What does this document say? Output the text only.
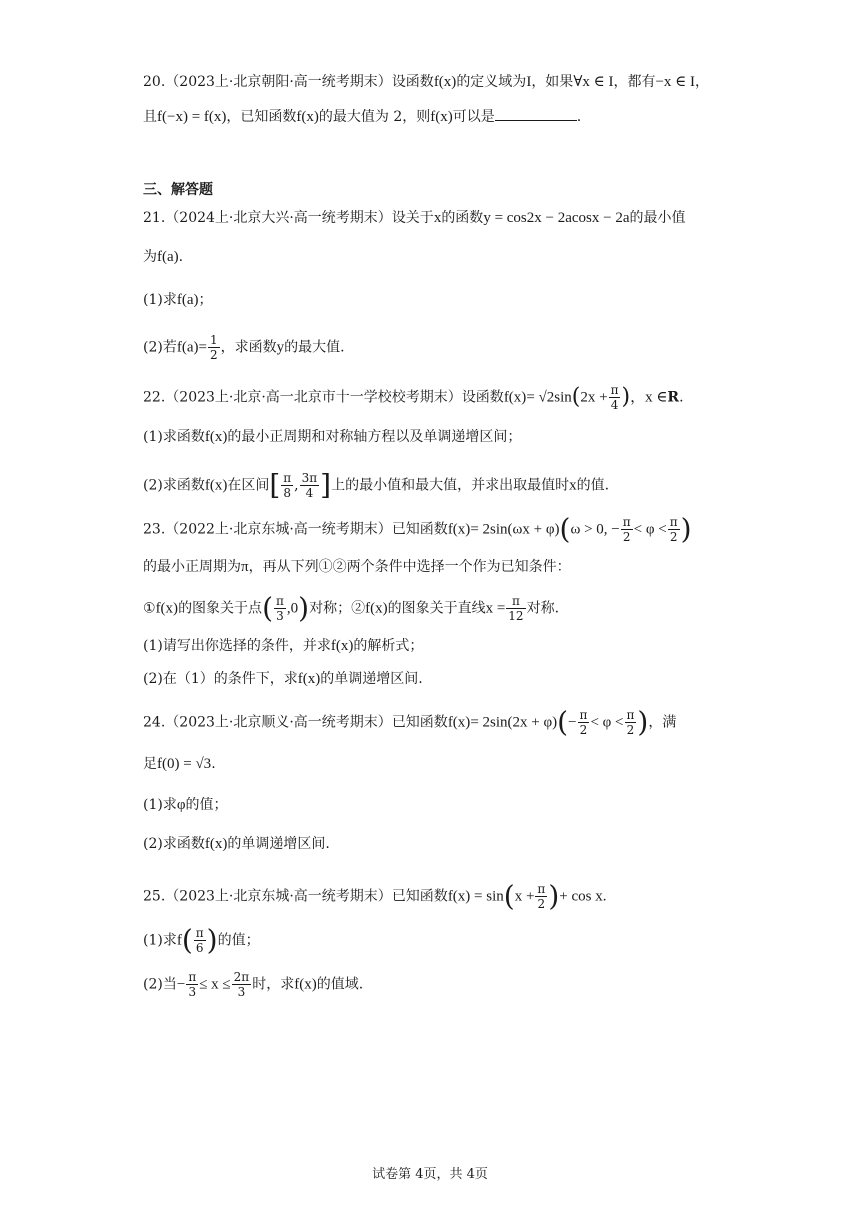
20.（2023上·北京朝阳·高一统考期末）设函数f(x)的定义域为I，如果∀x ∈ I，都有−x ∈ I，
且f(−x) = f(x)，已知函数f(x)的最大值为 2，则f(x)可以是	.
三、解答题
21.（2024上·北京大兴·高一统考期末）设关于x的函数y = cos2x − 2acosx − 2a的最小值
为f(a).
(1)求f(a)；
(2)若$f(a)= \frac{1}{2}$ ，求函数y的最大值.
22.（2023上·北京·高一北京市十一学校校考期末）设函数$f(x)= √2\sin(2x + \frac{\pi}{4}$ )，x ∈R.
(1)求函数f(x)的最小正周期和对称轴方程以及单调递增区间；
(2)求函数f(x)在区间[ $\frac{\pi}{8}$ , $\frac{3\pi}{4}$ ]上的最小值和最大值，并求出取最值时x的值.
23.（2022上·北京东城·高一统考期末）已知函数f(x)= 2sin(ωx + φ)(ω > 0, − $\frac{\pi}{2} < \varphi < \frac{\pi}{2}$ )
的最小正周期为π，再从下列①②两个条件中选择一个作为已知条件：
①f(x)的图象关于点( $\frac{\pi}{3} ,0$)对称；②f(x)的图象关于直线$x = \frac{\pi}{12}$ 对称.
(1)请写出你选择的条件，并求f(x)的解析式；
(2)在（1）的条件下，求f(x)的单调递增区间.
24.（2023上·北京顺义·高一统考期末）已知函数$f(x)= 2\sin(2x + \varphi)(- \frac{\pi}{2} < \varphi < \frac{\pi}{2}$ )，满
足f(0) = √3.
(1)求φ的值；
(2)求函数f(x)的单调递增区间.
25.（2023上·北京东城·高一统考期末）已知函数$f(x) = \sin(x + \frac{\pi}{2}$ )+ cos x.
(1)求$f( \frac{\pi}{6}$ )的值；
(2)当− $\frac{\pi}{3} \le x \le \frac{2\pi}{3}$ 时，求f(x)的值域.
试卷第 4页，共 4页
